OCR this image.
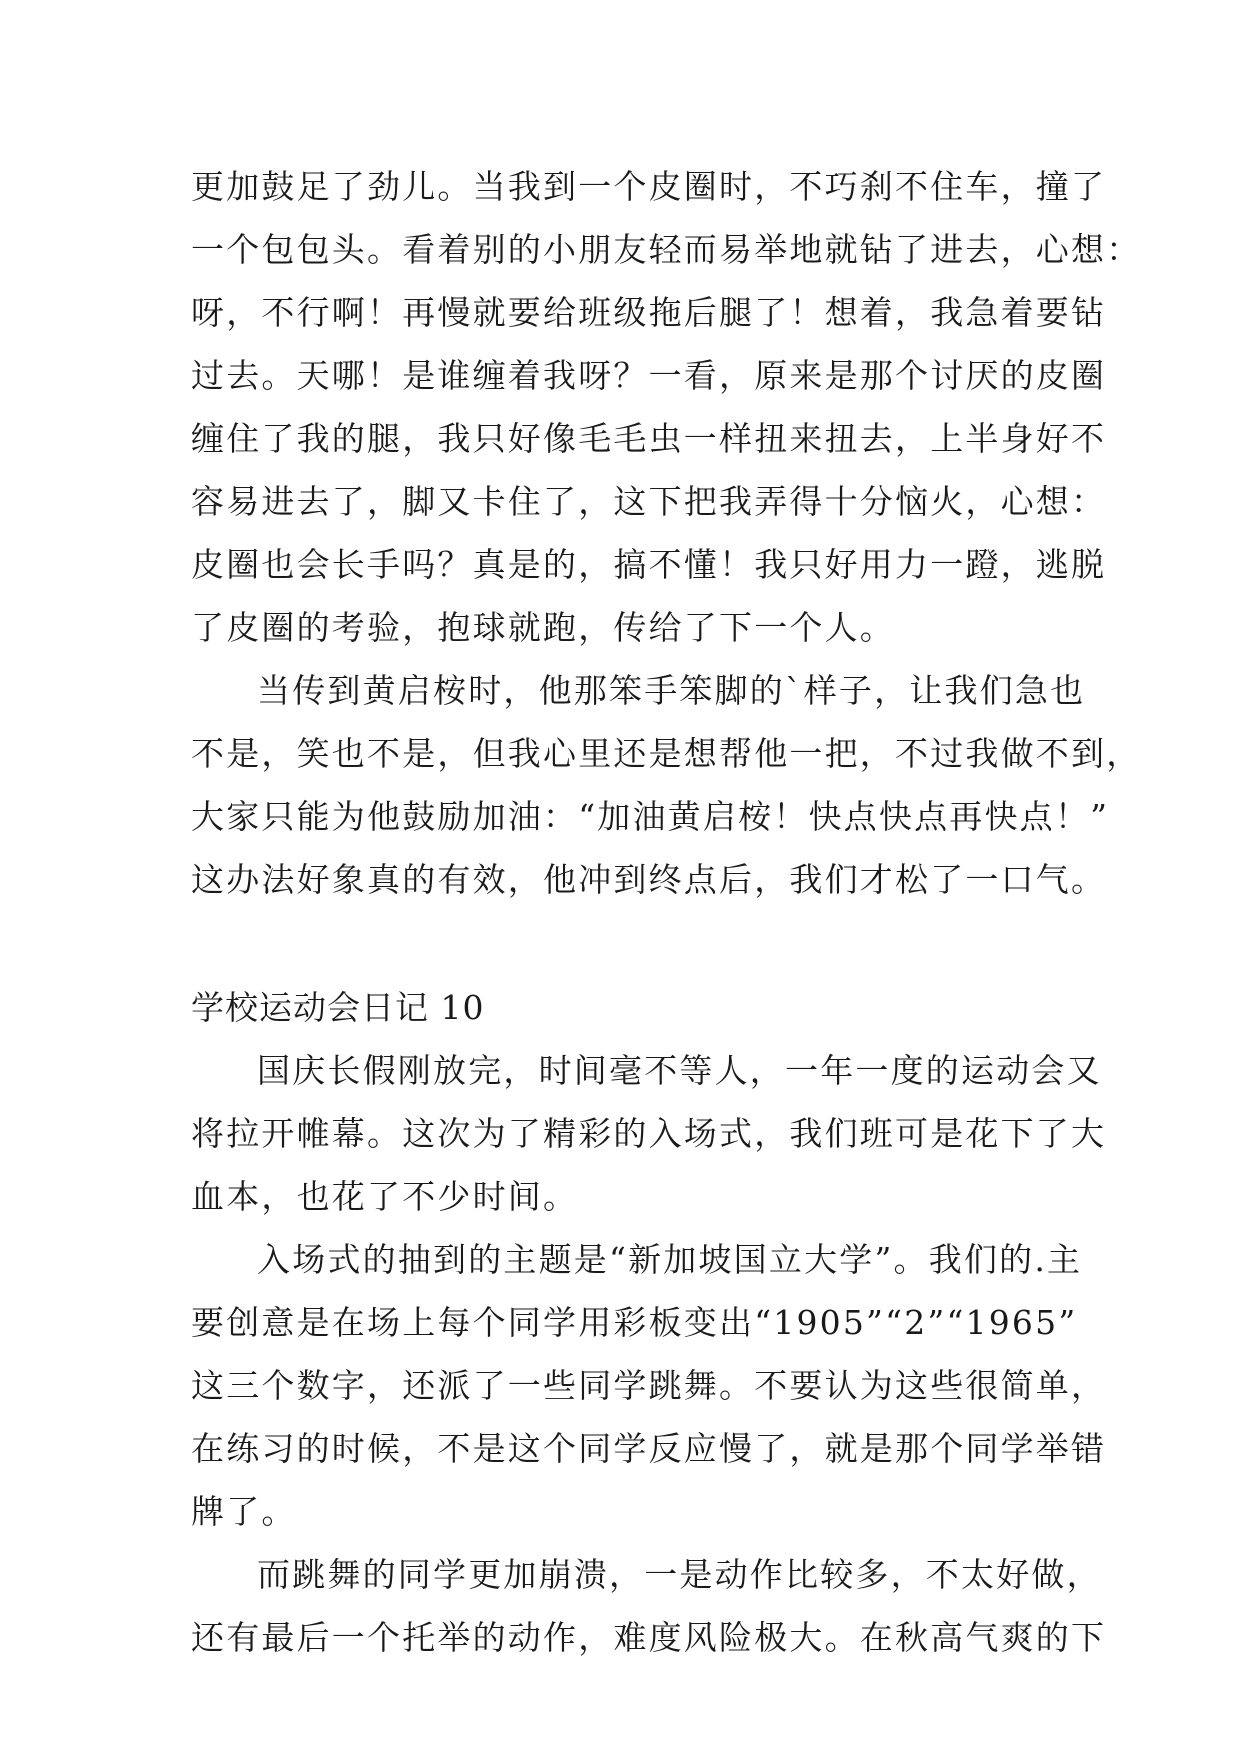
更加鼓足了劲儿。当我到一个皮圈时，不巧刹不住车，撞了
一个包包头。看着别的小朋友轻而易举地就钻了进去，心想：
呀，不行啊！再慢就要给班级拖后腿了！想着，我急着要钻
过去。天哪！是谁缠着我呀？一看，原来是那个讨厌的皮圈
缠住了我的腿，我只好像毛毛虫一样扭来扭去，上半身好不
容易进去了，脚又卡住了，这下把我弄得十分恼火，心想：
皮圈也会长手吗？真是的，搞不懂！我只好用力一蹬，逃脱
了皮圈的考验，抱球就跑，传给了下一个人。
当传到黄启桉时，他那笨手笨脚的`样子，让我们急也
不是，笑也不是，但我心里还是想帮他一把，不过我做不到，
大家只能为他鼓励加油：“加油黄启桉！快点快点再快点！”
这办法好象真的有效，他冲到终点后，我们才松了一口气。
学校运动会日记 10
国庆长假刚放完，时间毫不等人，一年一度的运动会又
将拉开帷幕。这次为了精彩的入场式，我们班可是花下了大
血本，也花了不少时间。
入场式的抽到的主题是“新加坡国立大学”。我们的.主
要创意是在场上每个同学用彩板变出“1905”“2”“1965”
这三个数字，还派了一些同学跳舞。不要认为这些很简单，
在练习的时候，不是这个同学反应慢了，就是那个同学举错
牌了。
而跳舞的同学更加崩溃，一是动作比较多，不太好做，
还有最后一个托举的动作，难度风险极大。在秋高气爽的下
